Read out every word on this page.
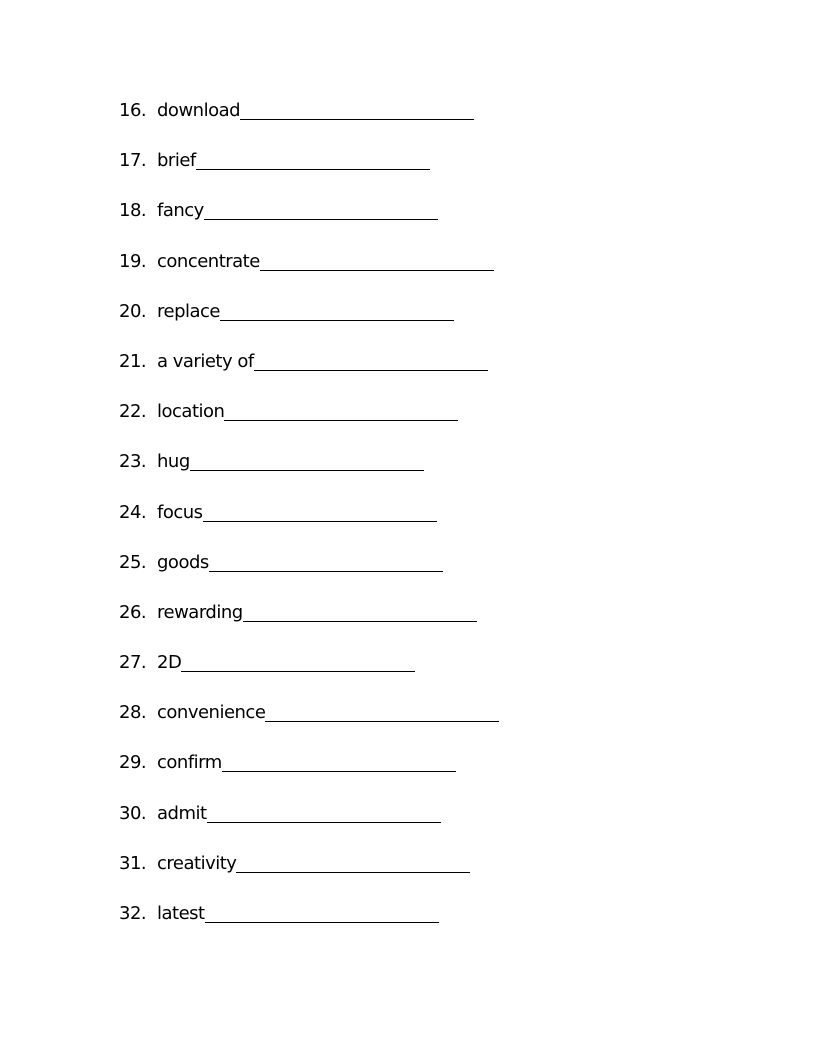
16. download
17. brief
18. fancy
19. concentrate
20. replace
21. a variety of
22. location
23. hug
24. focus
25. goods
26. rewarding
27. 2D
28. convenience
29. confirm
30. admit
31. creativity
32. latest
